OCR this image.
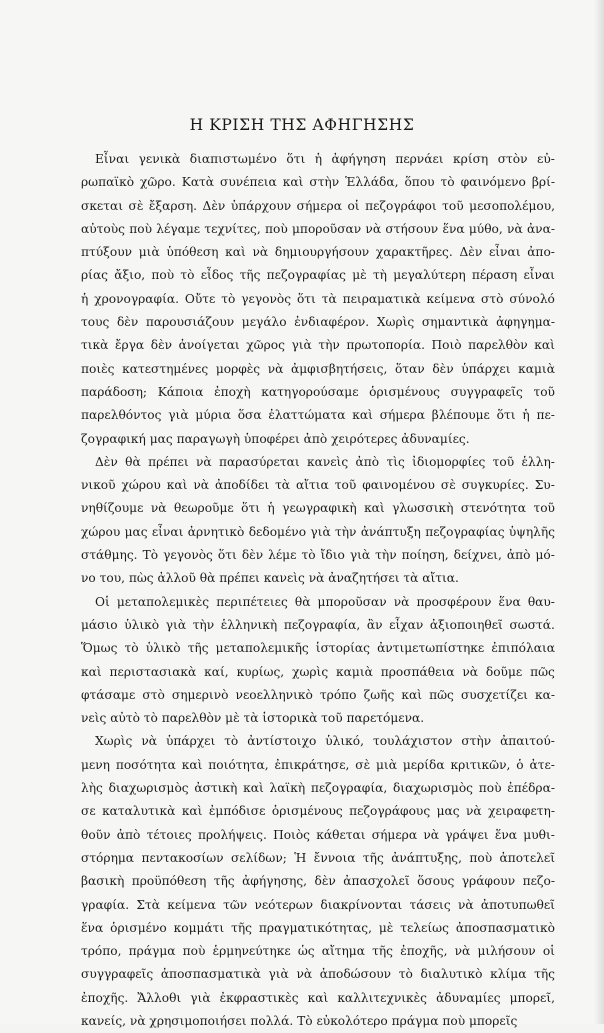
Η ΚΡΙΣΗ ΤΗΣ ΑΦΗΓΗΣΗΣ
Εἶναι γενικὰ διαπιστωμένο ὅτι ἡ ἀφήγηση περνάει κρίση στὸν εὐ-
ρωπαϊκὸ χῶρο. Κατὰ συνέπεια καὶ στὴν Ἑλλάδα, ὅπου τὸ φαινόμενο βρί-
σκεται σὲ ἔξαρση. Δὲν ὑπάρχουν σήμερα οἱ πεζογράφοι τοῦ μεσοπολέμου,
αὐτοὺς ποὺ λέγαμε τεχνίτες, ποὺ μποροῦσαν νὰ στήσουν ἕνα μύθο, νὰ ἀνα-
πτύξουν μιὰ ὑπόθεση καὶ νὰ δημιουργήσουν χαρακτῆρες. Δὲν εἶναι ἀπο-
ρίας ἄξιο, ποὺ τὸ εἶδος τῆς πεζογραφίας μὲ τὴ μεγαλύτερη πέραση εἶναι
ἡ χρονογραφία. Οὔτε τὸ γεγονὸς ὅτι τὰ πειραματικὰ κείμενα στὸ σύνολό
τους δὲν παρουσιάζουν μεγάλο ἐνδιαφέρον. Χωρὶς σημαντικὰ ἀφηγημα-
τικὰ ἔργα δὲν ἀνοίγεται χῶρος γιὰ τὴν πρωτοπορία. Ποιὸ παρελθὸν καὶ
ποιὲς κατεστημένες μορφὲς νὰ ἀμφισβητήσεις, ὅταν δὲν ὑπάρχει καμιὰ
παράδοση; Κάποια ἐποχὴ κατηγορούσαμε ὁρισμένους συγγραφεῖς τοῦ
παρελθόντος γιὰ μύρια ὅσα ἐλαττώματα καὶ σήμερα βλέπουμε ὅτι ἡ πε-
ζογραφική μας παραγωγὴ ὑποφέρει ἀπὸ χειρότερες ἀδυναμίες.
Δὲν θὰ πρέπει νὰ παρασύρεται κανεὶς ἀπὸ τὶς ἰδιομορφίες τοῦ ἑλλη-
νικοῦ χώρου καὶ νὰ ἀποδίδει τὰ αἴτια τοῦ φαινομένου σὲ συγκυρίες. Συ-
νηθίζουμε νὰ θεωροῦμε ὅτι ἡ γεωγραφικὴ καὶ γλωσσικὴ στενότητα τοῦ
χώρου μας εἶναι ἀρνητικὸ δεδομένο γιὰ τὴν ἀνάπτυξη πεζογραφίας ὑψηλῆς
στάθμης. Τὸ γεγονὸς ὅτι δὲν λέμε τὸ ἴδιο γιὰ τὴν ποίηση, δείχνει, ἀπὸ μό-
νο του, πὼς ἀλλοῦ θὰ πρέπει κανεὶς νὰ ἀναζητήσει τὰ αἴτια.
Οἱ μεταπολεμικὲς περιπέτειες θὰ μποροῦσαν νὰ προσφέρουν ἕνα θαυ-
μάσιο ὑλικὸ γιὰ τὴν ἑλληνικὴ πεζογραφία, ἂν εἶχαν ἀξιοποιηθεῖ σωστά.
Ὅμως τὸ ὑλικὸ τῆς μεταπολεμικῆς ἱστορίας ἀντιμετωπίστηκε ἐπιπόλαια
καὶ περιστασιακὰ καί, κυρίως, χωρὶς καμιὰ προσπάθεια νὰ δοῦμε πῶς
φτάσαμε στὸ σημερινὸ νεοελληνικὸ τρόπο ζωῆς καὶ πῶς συσχετίζει κα-
νεὶς αὐτὸ τὸ παρελθὸν μὲ τὰ ἱστορικὰ τοῦ παρετόμενα.
Χωρὶς νὰ ὑπάρχει τὸ ἀντίστοιχο ὑλικό, τουλάχιστον στὴν ἀπαιτού-
μενη ποσότητα καὶ ποιότητα, ἐπικράτησε, σὲ μιὰ μερίδα κριτικῶν, ὁ ἀτε-
λὴς διαχωρισμὸς ἀστικὴ καὶ λαϊκὴ πεζογραφία, διαχωρισμὸς ποὺ ἐπέδρα-
σε καταλυτικὰ καὶ ἐμπόδισε ὁρισμένους πεζογράφους μας νὰ χειραφετη-
θοῦν ἀπὸ τέτοιες προλήψεις. Ποιὸς κάθεται σήμερα νὰ γράψει ἕνα μυθι-
στόρημα πεντακοσίων σελίδων; Ἡ ἔννοια τῆς ἀνάπτυξης, ποὺ ἀποτελεῖ
βασικὴ προϋπόθεση τῆς ἀφήγησης, δὲν ἀπασχολεῖ ὅσους γράφουν πεζο-
γραφία. Στὰ κείμενα τῶν νεότερων διακρίνονται τάσεις νὰ ἀποτυπωθεῖ
ἕνα ὁρισμένο κομμάτι τῆς πραγματικότητας, μὲ τελείως ἀποσπασματικὸ
τρόπο, πράγμα ποὺ ἑρμηνεύτηκε ὡς αἴτημα τῆς ἐποχῆς, νὰ μιλήσουν οἱ
συγγραφεῖς ἀποσπασματικὰ γιὰ νὰ ἀποδώσουν τὸ διαλυτικὸ κλίμα τῆς
ἐποχῆς. Ἄλλοθι γιὰ ἐκφραστικὲς καὶ καλλιτεχνικὲς ἀδυναμίες μπορεῖ,
κανείς, νὰ χρησιμοποιήσει πολλά. Τὸ εὐκολότερο πράγμα ποὺ μπορεῖς
